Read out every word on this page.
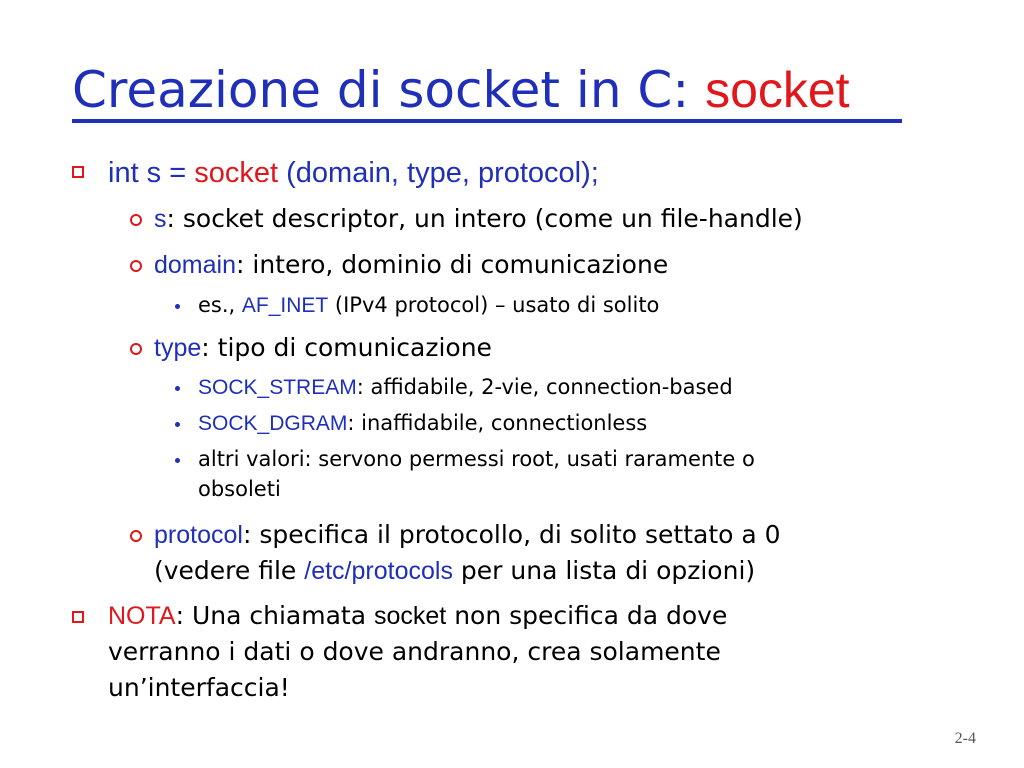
Creazione di socket in C: socket
int s = socket (domain, type, protocol);
s: socket descriptor, un intero (come un file-handle)
domain: intero, dominio di comunicazione
es., AF_INET (IPv4 protocol) – usato di solito
type: tipo di comunicazione
SOCK_STREAM: affidabile, 2-vie, connection-based
SOCK_DGRAM: inaffidabile, connectionless
altri valori: servono permessi root, usati raramente o
obsoleti
protocol: specifica il protocollo, di solito settato a 0
(vedere file /etc/protocols per una lista di opzioni)
NOTA: Una chiamata socket non specifica da dove
verranno i dati o dove andranno, crea solamente
un’interfaccia!
2-4
